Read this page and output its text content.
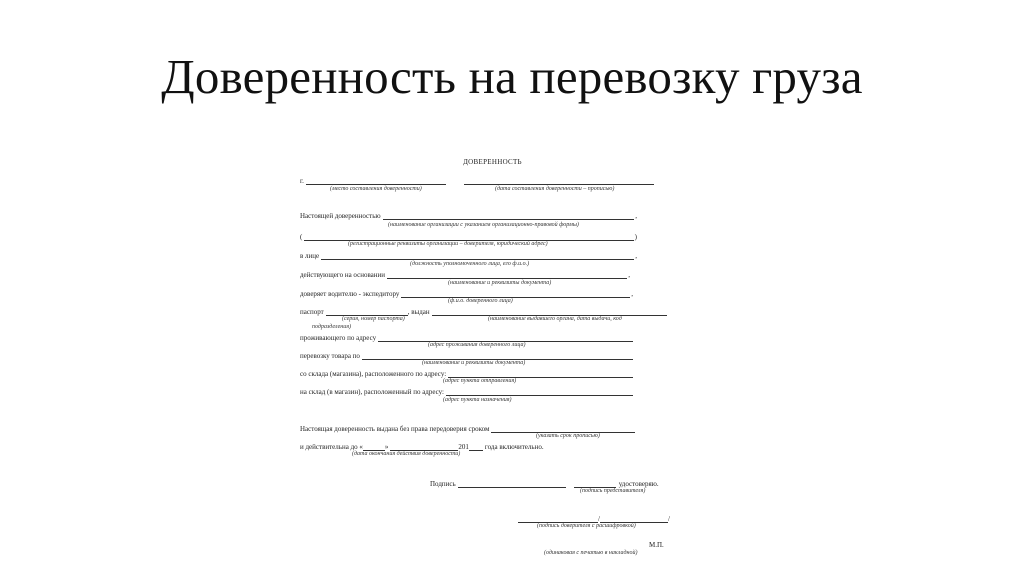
Доверенность на перевозку груза
ДОВЕРЕННОСТЬ
г.
(место составления доверенности)	(дата составления доверенности – прописью)
Настоящей доверенностью	,
(наименование организации с указанием организационно-правовой формы)
(	)
(регистрационные реквизиты организации – доверителя, юридический адрес)
в лице	,
(должность уполномоченного лица, его ф.и.о.)
действующего на основании	,
(наименование и реквизиты документа)
доверяет водителю - экспедитору	,
(ф.и.о. доверенного лица)
паспорт	, выдан
(серия, номер паспорта)	(наименование выдавшего органа, дата выдачи, код
подразделения)
проживающего по адресу
(адрес проживания доверенного лица)
перевозку товара по
(наименование и реквизиты документа)
со склада (магазина), расположенного по адресу:
(адрес пункта отправления)
на склад (в магазин), расположенный по адресу:
(адрес пункта назначения)
Настоящая доверенность выдана без права передоверия сроком
(указать срок прописью)
и действительна до «	»	201 года включительно.
(дата окончания действия доверенности)
Подпись	удостоверяю.
(подпись представителя)
/	/
(подпись доверителя с расшифровкой)
М.П.
(одинаковая с печатью в накладной)
